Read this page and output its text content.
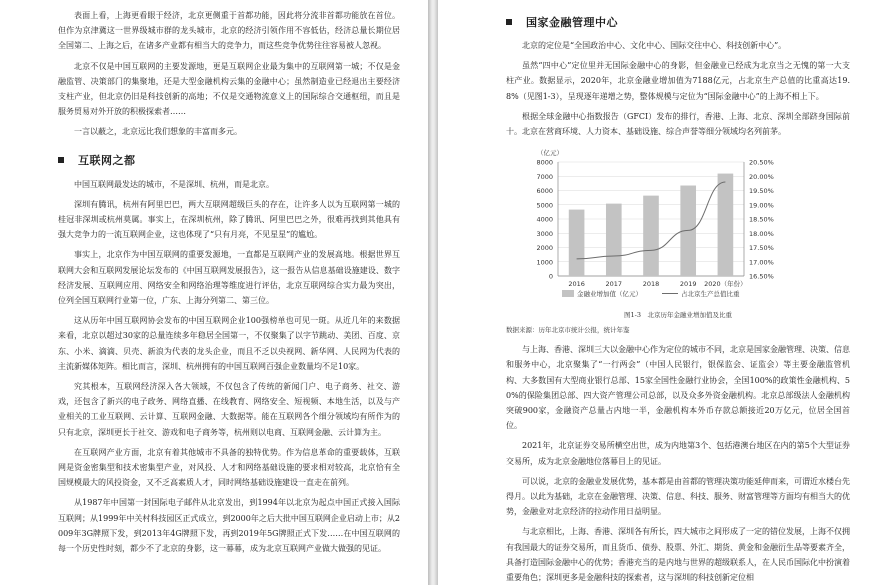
表面上看，上海更看眼于经济，北京更侧重于首都功能，因此将分流非首都功能放在首位。但作为京津冀这一世界级城市群的龙头城市，北京的经济引领作用不容低估，经济总量长期位居全国第二、上海之后，在诸多产业都有相当大的竞争力，而这些竞争优势往往容易被人忽视。

北京不仅是中国互联网的主要发源地，更是互联网企业最为集中的互联网第一城；不仅是金融监管、决策部门的集聚地，还是大型金融机构云集的金融中心；虽然制造业已经退出主要经济支柱产业，但北京仍旧是科技创新的高地；不仅是交通物流意义上的国际综合交通枢纽，而且是服务贸易对外开放的积极探索者……

一言以蔽之，北京远比我们想象的丰富而多元。

互联网之都

中国互联网最发达的城市，不是深圳、杭州，而是北京。

深圳有腾讯，杭州有阿里巴巴，两大互联网超级巨头的存在，让许多人以为互联网第一城的桂冠非深圳或杭州莫属。事实上，在深圳杭州，除了腾讯、阿里巴巴之外，很难再找到其他具有强大竞争力的一流互联网企业，这也体现了“只有月亮，不见星星”的尴尬。

事实上，北京作为中国互联网的重要发源地，一直都是互联网产业的发展高地。根据世界互联网大会和互联网发展论坛发布的《中国互联网发展报告》，这一报告从信息基础设施建设、数字经济发展、互联网应用、网络安全和网络治理等维度进行评估，北京互联网综合实力最为突出，位列全国互联网行业第一位，广东、上海分列第二、第三位。

这从历年中国互联网协会发布的中国互联网企业100强榜单也可见一斑。从近几年的来数据来看，北京以超过30家的总量连续多年稳居全国第一，不仅聚集了以字节跳动、美团、百度、京东、小米、滴滴、贝壳、新浪为代表的龙头企业，而且不乏以央视网、新华网、人民网为代表的主流新媒体矩阵。相比而言，深圳、杭州拥有的中国互联网百强企业数量均不足10家。

究其根本，互联网经济深入各大领域，不仅包含了传统的新闻门户、电子商务、社交、游戏，还包含了新兴的电子政务、网络直播、在线教育、网络安全、短视频、本地生活，以及与产业相关的工业互联网、云计算、互联网金融、大数据等。能在互联网各个细分领域均有所作为的只有北京，深圳更长于社交、游戏和电子商务等，杭州则以电商、互联网金融、云计算为主。

在互联网产业方面，北京有着其他城市不具备的独特优势。作为信息革命的重要载体，互联网是资金密集型和技术密集型产业，对风投、人才和网络基础设施的要求相对较高，北京恰有全国规模最大的风投资金，又不乏高素质人才，同时网络基础设施建设一直走在前列。

从1987年中国第一封国际电子邮件从北京发出，到1994年以北京为起点中国正式接入国际互联网；从1999年中关村科技园区正式成立，到2000年之后大批中国互联网企业启动上市；从2009年3G牌照下发，到2013年4G牌照下发，再到2019年5G牌照正式下发……在中国互联网的每一个历史性时刻，都少不了北京的身影，这一幕幕，成为北京互联网产业做大做强的见证。

国家金融管理中心

北京的定位是“全国政治中心、文化中心、国际交往中心、科技创新中心”。

虽然“四中心”定位里并无国际金融中心的身影，但金融业已经成为北京当之无愧的第一大支柱产业。数据显示，2020年，北京金融业增加值为7188亿元，占北京生产总值的比重高达19.8%（见图1-3），呈现逐年递增之势，整体规模与定位为“国际金融中心”的上海不相上下。

根据全球金融中心指数报告（GFCI）发布的排行，香港、上海、北京、深圳全部跻身国际前十。北京在营商环境、人力资本、基础设施、综合声誉等细分领域均名列前茅。

0
1000
2000
3000
4000
5000
6000
7000
8000
16.50%
17.00%
17.50%
18.00%
18.50%
19.00%
19.50%
20.00%
20.50%
（亿元）
2016	2017	2018	2019 2020（年份）
金融业增加值（亿元）	占北京生产总值比重
图1-3　北京历年金融业增加值及比重
数据来源：历年北京市统计公报，统计年鉴

与上海、香港、深圳三大以金融中心作为定位的城市不同，北京是国家金融管理、决策、信息和服务中心，北京聚集了“一行两会”（中国人民银行，银保监会、证监会）等主要金融监管机构、大多数国有大型商业银行总部、15家全国性金融行业协会，全国100%的政策性金融机构、50%的保险集团总部、四大资产管理公司总部，以及众多外资金融机构。北京总部级法人金融机构突破900家，金融资产总量占内地一半，金融机构本外币存款总额接近20万亿元，位居全国首位。

2021年，北京证券交易所横空出世，成为内地第3个、包括港澳台地区在内的第5个大型证券交易所，成为北京金融地位落幕目上的见证。

可以说，北京的金融业发展优势，基本都是由首都的管理决策功能延伸而来，可谓近水楼台先得月。以此为基础，北京在金融管理、决策、信息、科技、服务、财富管理等方面均有相当大的优势，金融业对北京经济的拉动作用日益明显。

与北京相比，上海、香港、深圳各有所长，四大城市之间形成了一定的错位发展，上海不仅拥有我国最大的证券交易所，而且货币、债券、股票、外汇、期货、黄金和金融衍生品等要素齐全，具备打造国际金融中心的优势；香港充当的是内地与世界的超级联系人，在人民币国际化中扮演着重要角色；深圳更多是金融科技的探索者，这与深圳的科技创新定位相
